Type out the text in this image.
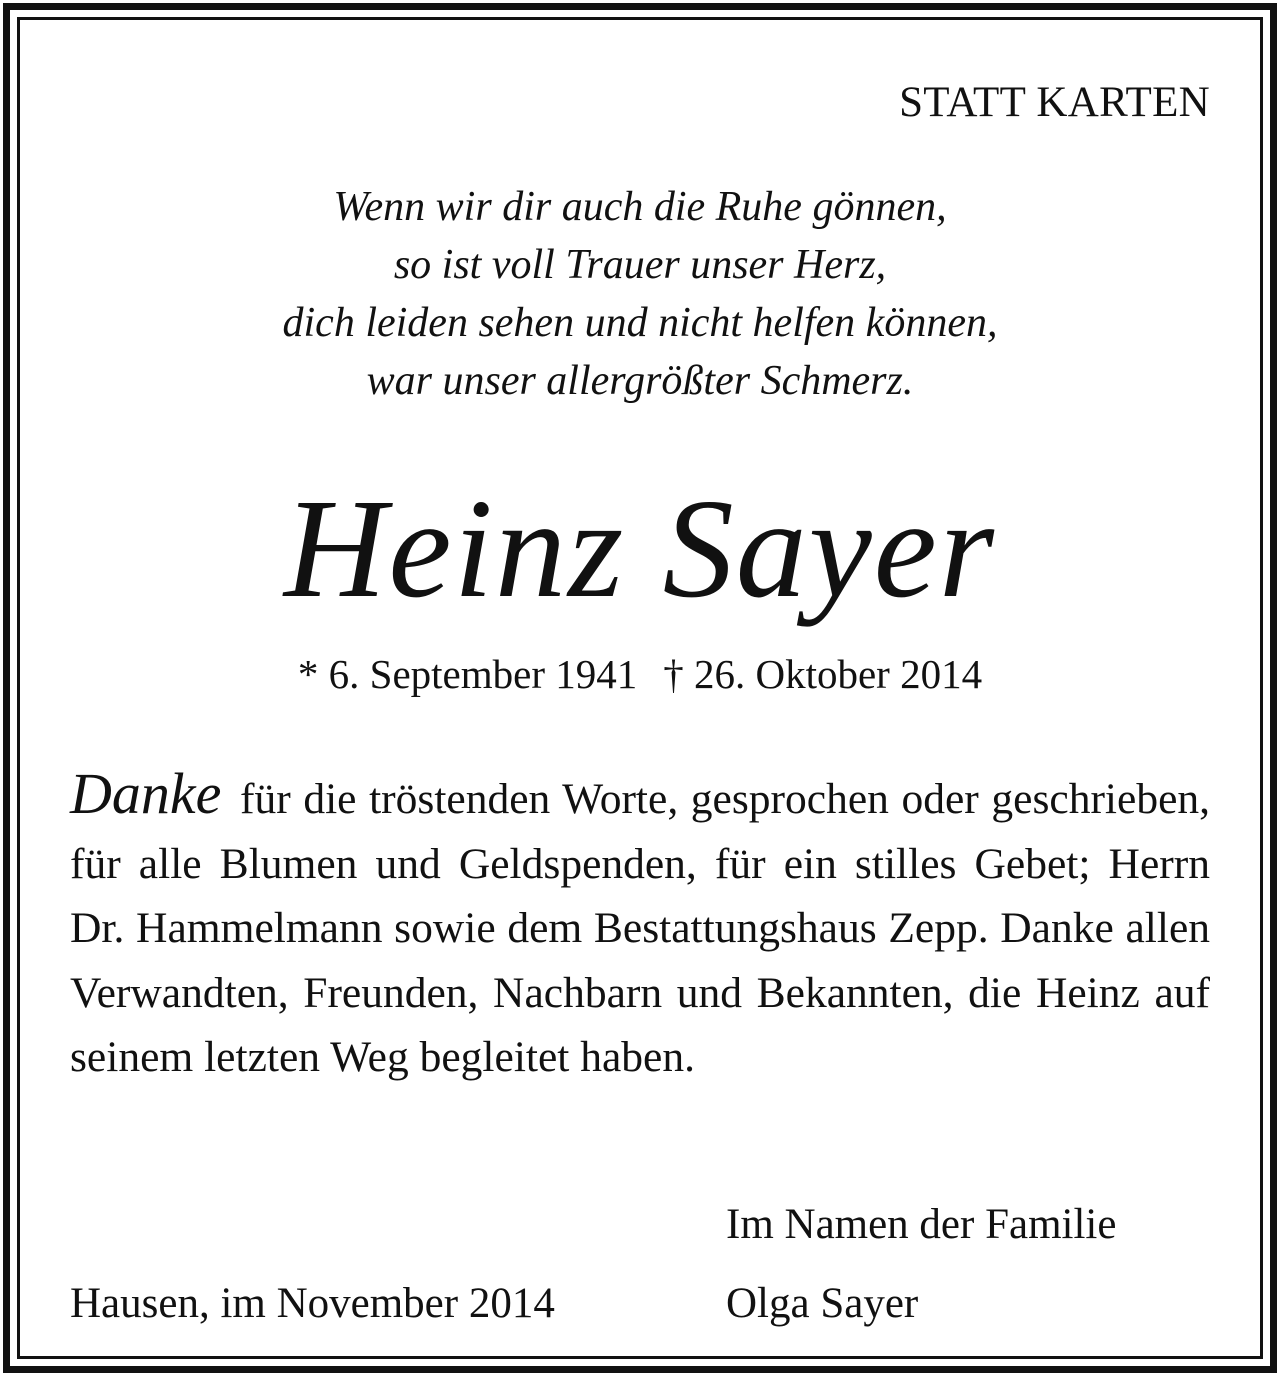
STATT KARTEN
Wenn wir dir auch die Ruhe gönnen,
so ist voll Trauer unser Herz,
dich leiden sehen und nicht helfen können,
war unser allergrößter Schmerz.
Heinz Sayer
* 6. September 1941 † 26. Oktober 2014
Danke für die tröstenden Worte, gesprochen oder geschrieben, für alle Blumen und Geldspenden, für ein stilles Gebet; Herrn Dr. Hammelmann sowie dem Bestattungshaus Zepp. Danke allen Verwandten, Freunden, Nachbarn und Bekannten, die Heinz auf seinem letzten Weg begleitet haben.
Im Namen der Familie
Hausen, im November 2014	Olga Sayer
